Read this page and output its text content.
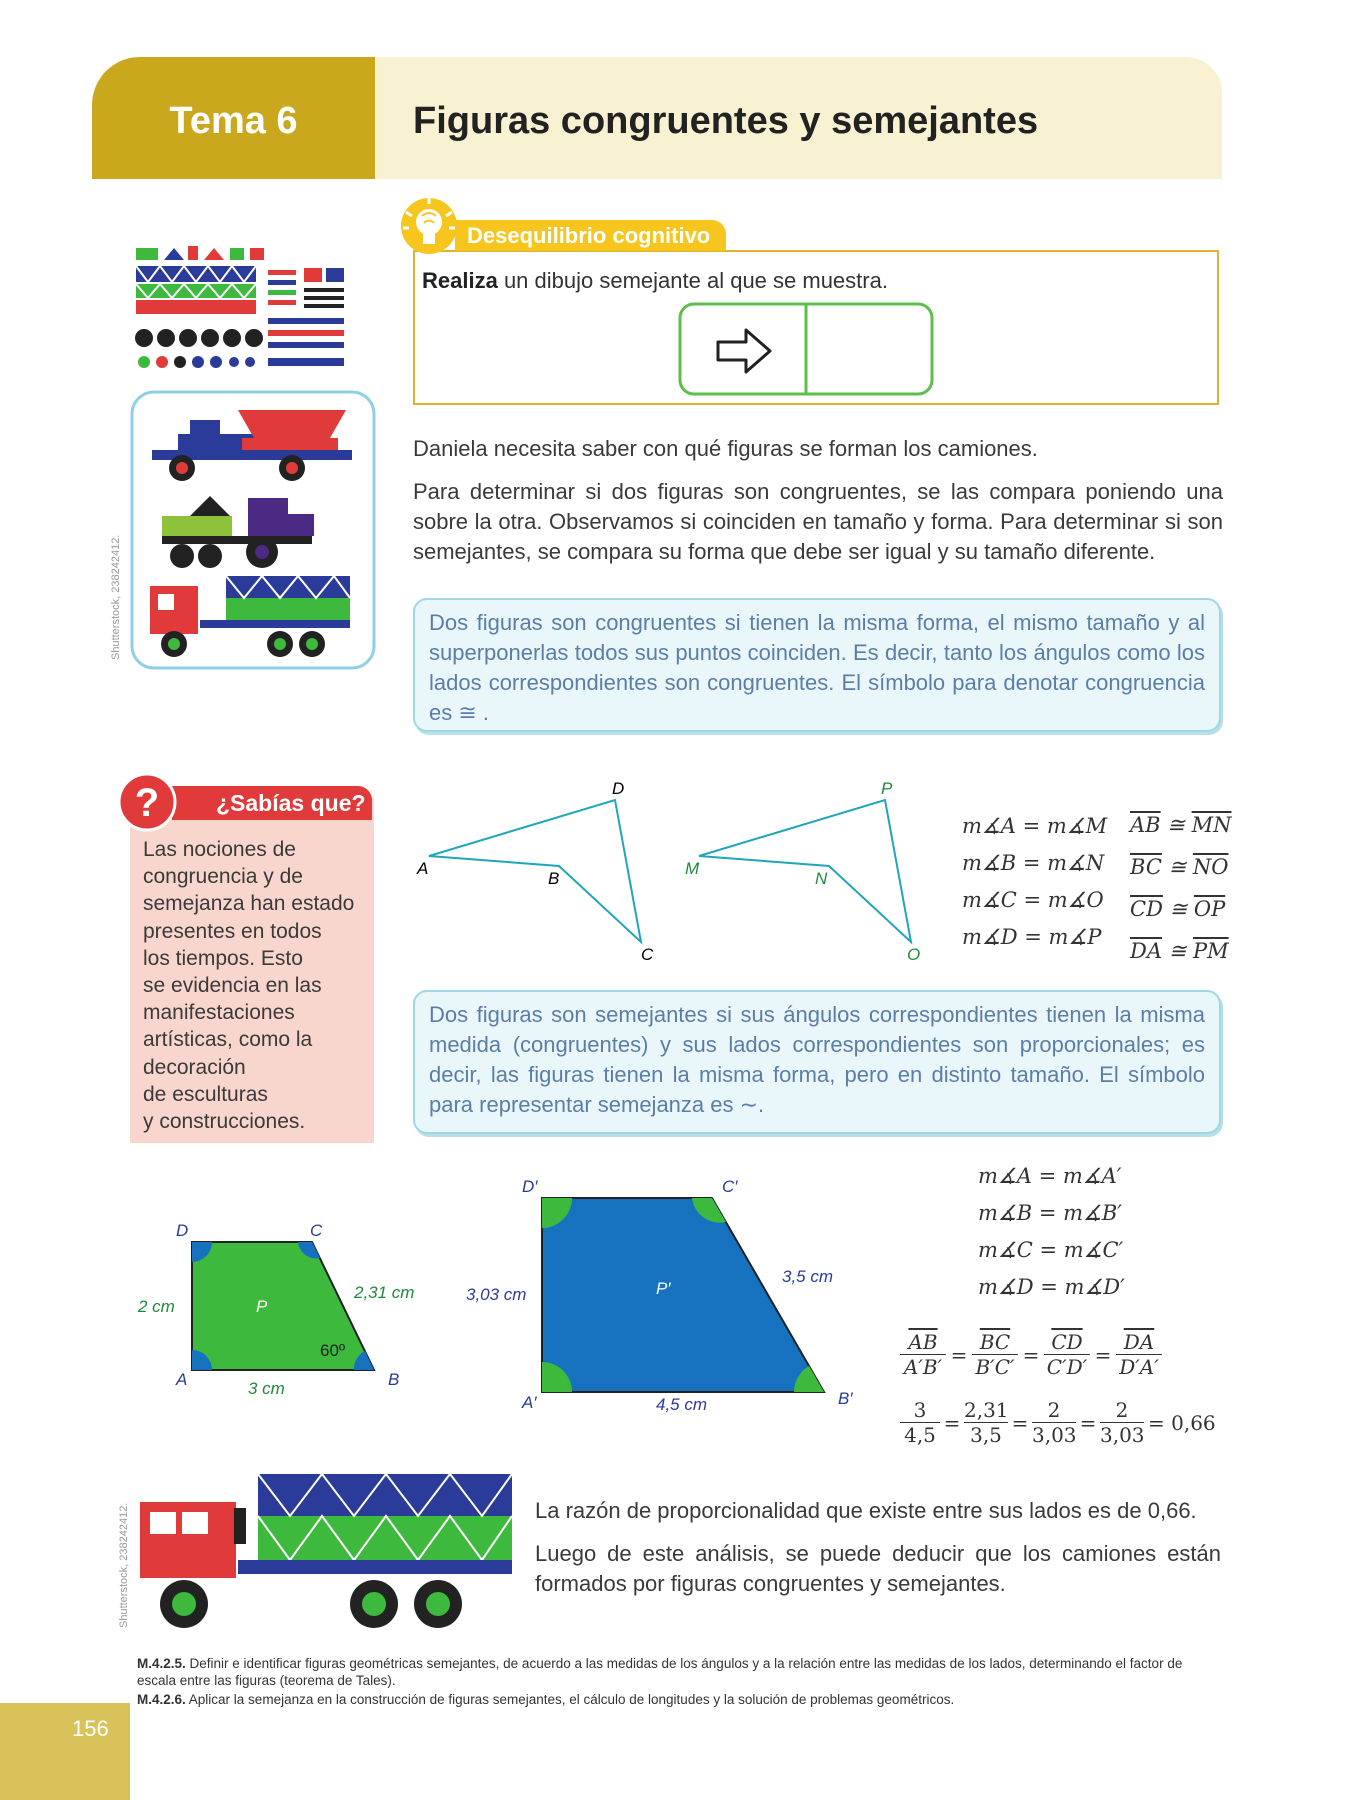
Tema 6	Figuras congruentes y semejantes
Shutterstock, 238242412.
Desequilibrio cognitivo
Realiza un dibujo semejante al que se muestra.
Daniela necesita saber con qué figuras se forman los camiones.
Para determinar si dos figuras son congruentes, se las compara poniendo una sobre la otra. Observamos si coinciden en tamaño y forma. Para determinar si son semejantes, se compara su forma que debe ser igual y su tamaño diferente.
Dos figuras son congruentes si tienen la misma forma, el mismo tamaño y al superponerlas todos sus puntos coinciden. Es decir, tanto los ángulos como los lados correspondientes son congruentes. El símbolo para denotar congruencia es ≅ .
¿Sabías que?
?
Las nociones de
congruencia y de
semejanza han estado
presentes en todos
los tiempos. Esto
se evidencia en las
manifestaciones
artísticas, como la
decoración
de esculturas
y construcciones.
A
D
C
B
M
P
O
N
m∡A = m∡M
m∡B = m∡N
m∡C = m∡O
m∡D = m∡P
$\overline{AB}$ ≅ $\overline{MN}$
$\overline{BC}$ ≅ $\overline{NO}$
$\overline{CD}$ ≅ $\overline{OP}$
$\overline{DA}$ ≅ $\overline{PM}$
Dos figuras son semejantes si sus ángulos correspondientes tienen la misma medida (congruentes) y sus lados correspondientes son proporcionales; es decir, las figuras tienen la misma forma, pero en distinto tamaño. El símbolo para representar semejanza es ∼.
D	C
A	B
P
2 cm
3 cm
2,31 cm
60º
D′	C′
A′	B′
P′
3,03 cm
4,5 cm
3,5 cm
m∡A = m∡A′
m∡B = m∡B′
m∡C = m∡C′
m∡D = m∡D′
$\frac{\overline{AB}}{A'B'} = \frac{\overline{BC}}{B'C'} = \frac{\overline{CD}}{C'D'} = \frac{\overline{DA}}{D'A'}$
$\frac{3}{4,5} = \frac{2,31}{3,5} = \frac{2}{3,03} = \frac{2}{3,03} = 0,66$
Shutterstock, 238242412.	La razón de proporcionalidad que existe entre sus lados es de 0,66.
Luego de este análisis, se puede deducir que los camiones están formados por figuras congruentes y semejantes.
M.4.2.5. Definir e identificar figuras geométricas semejantes, de acuerdo a las medidas de los ángulos y a la relación entre las medidas de los lados, determinando el factor de escala entre las figuras (teorema de Tales).
M.4.2.6. Aplicar la semejanza en la construcción de figuras semejantes, el cálculo de longitudes y la solución de problemas geométricos.
156
